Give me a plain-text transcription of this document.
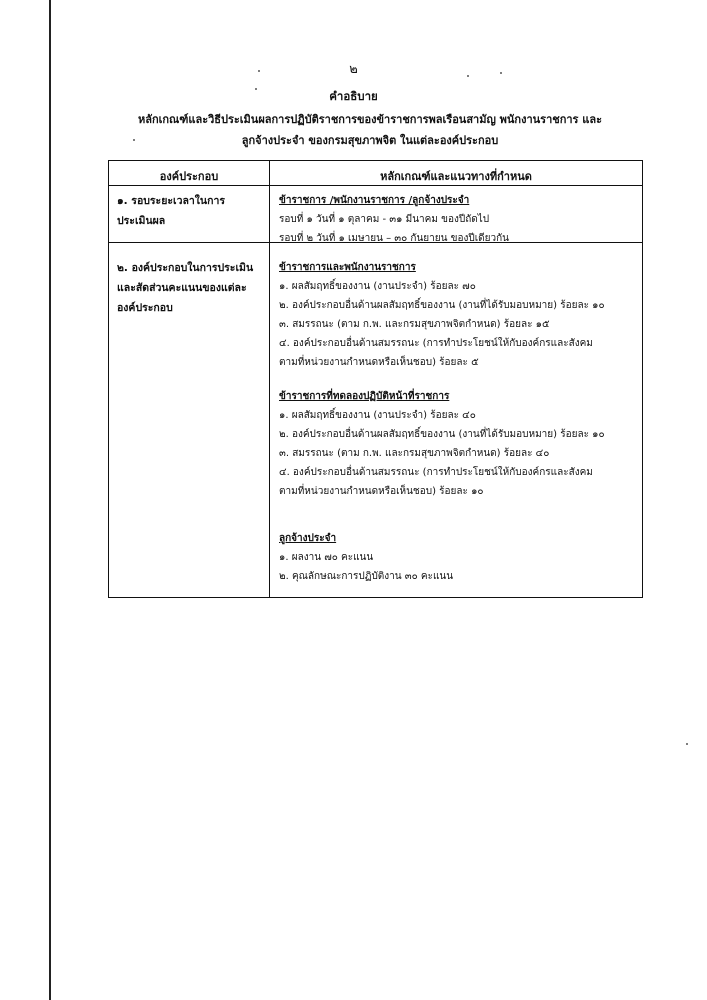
๒
คำอธิบาย
หลักเกณฑ์และวิธีประเมินผลการปฏิบัติราชการของข้าราชการพลเรือนสามัญ พนักงานราชการ และ
ลูกจ้างประจำ ของกรมสุขภาพจิต ในแต่ละองค์ประกอบ
องค์ประกอบ	หลักเกณฑ์และแนวทางที่กำหนด
๑. รอบระยะเวลาในการ
ประเมินผล
ข้าราชการ /พนักงานราชการ /ลูกจ้างประจำ
รอบที่ ๑ วันที่ ๑ ตุลาคม - ๓๑ มีนาคม ของปีถัดไป
รอบที่ ๒ วันที่ ๑ เมษายน – ๓๐ กันยายน ของปีเดียวกัน
๒. องค์ประกอบในการประเมิน
และสัดส่วนคะแนนของแต่ละ
องค์ประกอบ
ข้าราชการและพนักงานราชการ
๑. ผลสัมฤทธิ์ของงาน (งานประจำ) ร้อยละ ๗๐
๒. องค์ประกอบอื่นด้านผลสัมฤทธิ์ของงาน (งานที่ได้รับมอบหมาย) ร้อยละ ๑๐
๓. สมรรถนะ (ตาม ก.พ. และกรมสุขภาพจิตกำหนด) ร้อยละ ๑๕
๔. องค์ประกอบอื่นด้านสมรรถนะ (การทำประโยชน์ให้กับองค์กรและสังคม
ตามที่หน่วยงานกำหนดหรือเห็นชอบ) ร้อยละ ๕
ข้าราชการที่ทดลองปฏิบัติหน้าที่ราชการ
๑. ผลสัมฤทธิ์ของงาน (งานประจำ) ร้อยละ ๔๐
๒. องค์ประกอบอื่นด้านผลสัมฤทธิ์ของงาน (งานที่ได้รับมอบหมาย) ร้อยละ ๑๐
๓. สมรรถนะ (ตาม ก.พ. และกรมสุขภาพจิตกำหนด) ร้อยละ ๔๐
๔. องค์ประกอบอื่นด้านสมรรถนะ (การทำประโยชน์ให้กับองค์กรและสังคม
ตามที่หน่วยงานกำหนดหรือเห็นชอบ) ร้อยละ ๑๐
ลูกจ้างประจำ
๑. ผลงาน ๗๐ คะแนน
๒. คุณลักษณะการปฏิบัติงาน ๓๐ คะแนน
